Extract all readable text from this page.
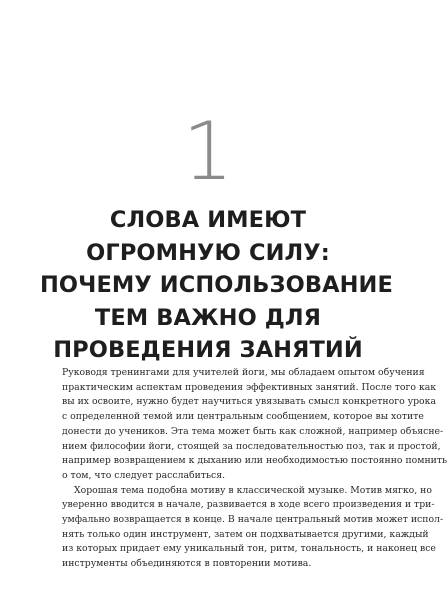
1
СЛОВА ИМЕЮТ
ОГРОМНУЮ СИЛУ:
ПОЧЕМУ ИСПОЛЬЗОВАНИЕ
ТЕМ ВАЖНО ДЛЯ
ПРОВЕДЕНИЯ ЗАНЯТИЙ
Руководя тренингами для учителей йоги, мы обладаем опытом обучения
практическим аспектам проведения эффективных занятий. После того как
вы их освоите, нужно будет научиться увязывать смысл конкретного урока
с определенной темой или центральным сообщением, которое вы хотите
донести до учеников. Эта тема может быть как сложной, например объясне-
нием философии йоги, стоящей за последовательностью поз, так и простой,
например возвращением к дыханию или необходимостью постоянно помнить
о том, что следует расслабиться.
Хорошая тема подобна мотиву в классической музыке. Мотив мягко, но
уверенно вводится в начале, развивается в ходе всего произведения и три-
умфально возвращается в конце. В начале центральный мотив может испол-
нять только один инструмент, затем он подхватывается другими, каждый
из которых придает ему уникальный тон, ритм, тональность, и наконец все
инструменты объединяются в повторении мотива.
